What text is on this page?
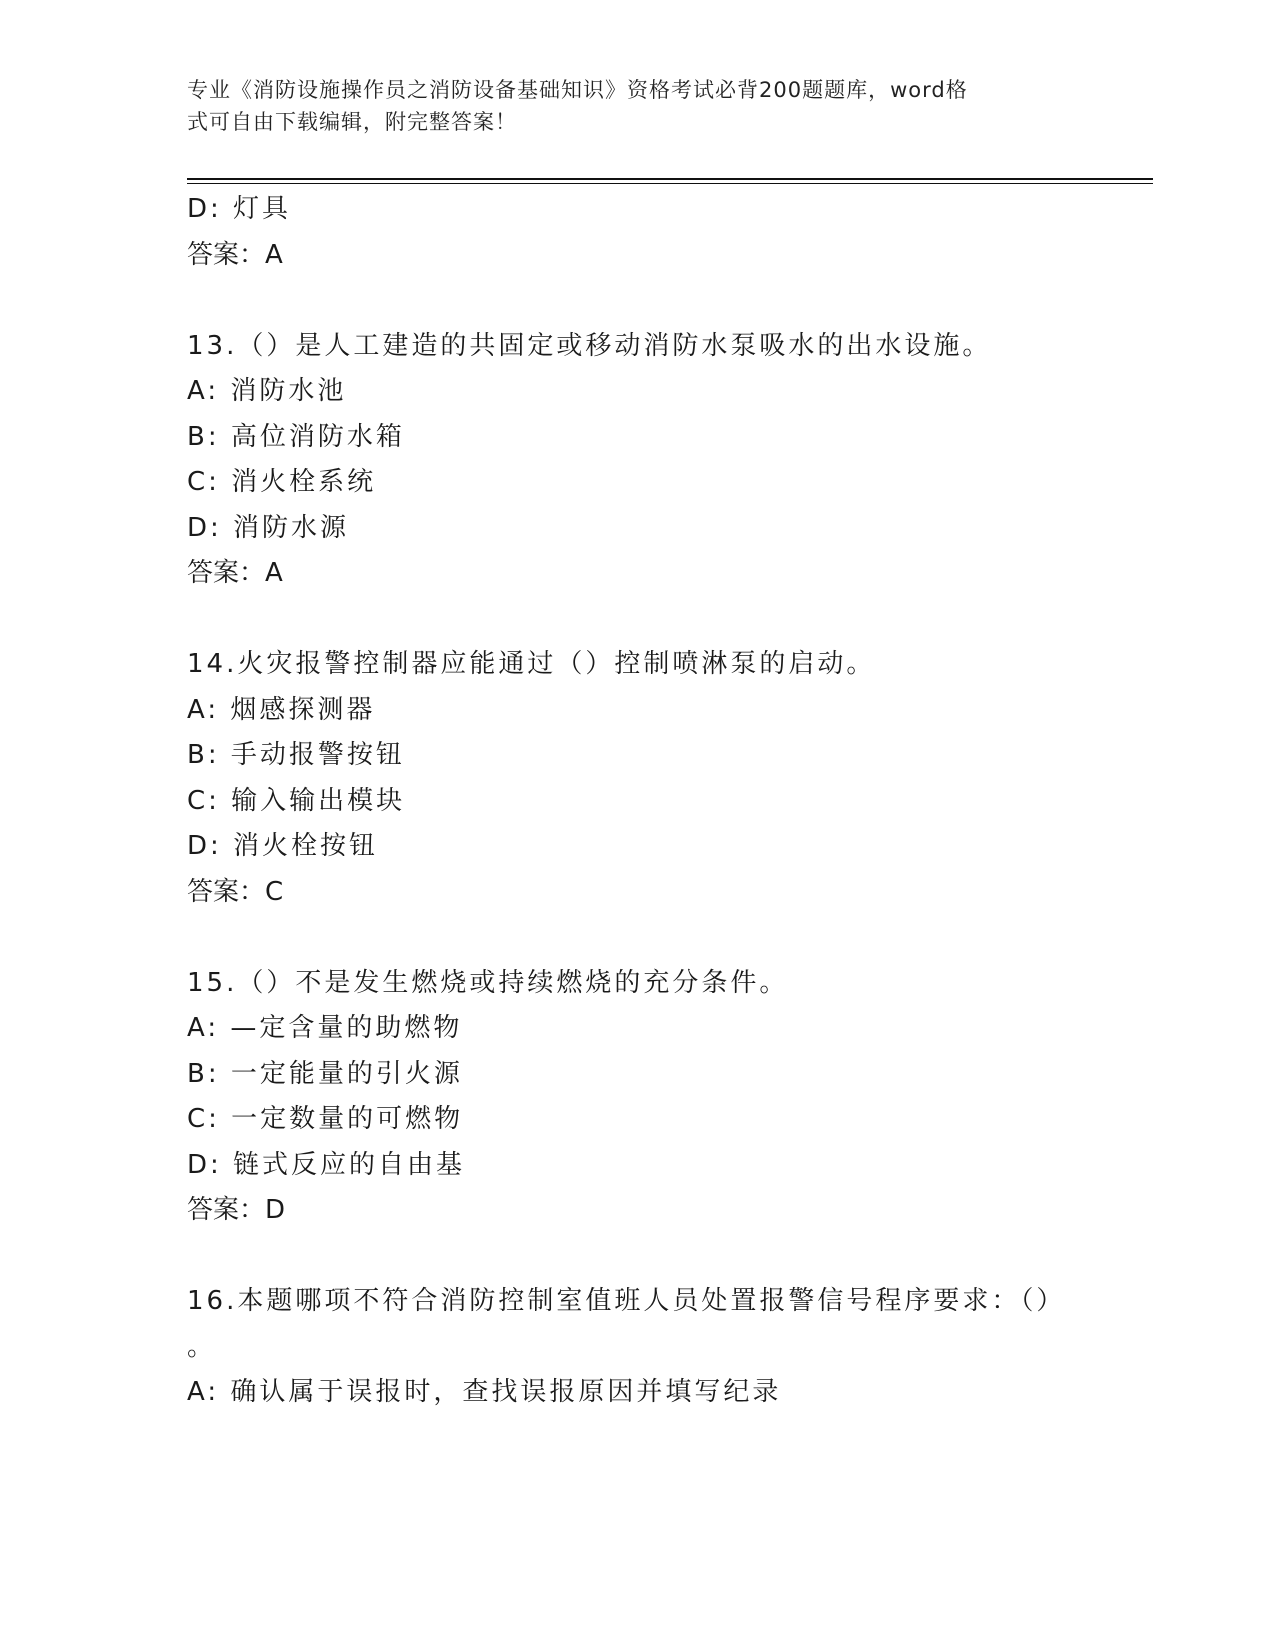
专业《消防设施操作员之消防设备基础知识》资格考试必背200题题库，word格
式可自由下载编辑，附完整答案！
D: 灯具
答案：A
13.（）是人工建造的共固定或移动消防水泵吸水的出水设施。
A: 消防水池
B: 高位消防水箱
C: 消火栓系统
D: 消防水源
答案：A
14.火灾报警控制器应能通过（）控制喷淋泵的启动。
A: 烟感探测器
B: 手动报警按钮
C: 输入输出模块
D: 消火栓按钮
答案：C
15.（）不是发生燃烧或持续燃烧的充分条件。
A: —定含量的助燃物
B: 一定能量的引火源
C: 一定数量的可燃物
D: 链式反应的自由基
答案：D
16.本题哪项不符合消防控制室值班人员处置报警信号程序要求：（）
。
A: 确认属于误报时，查找误报原因并填写纪录
